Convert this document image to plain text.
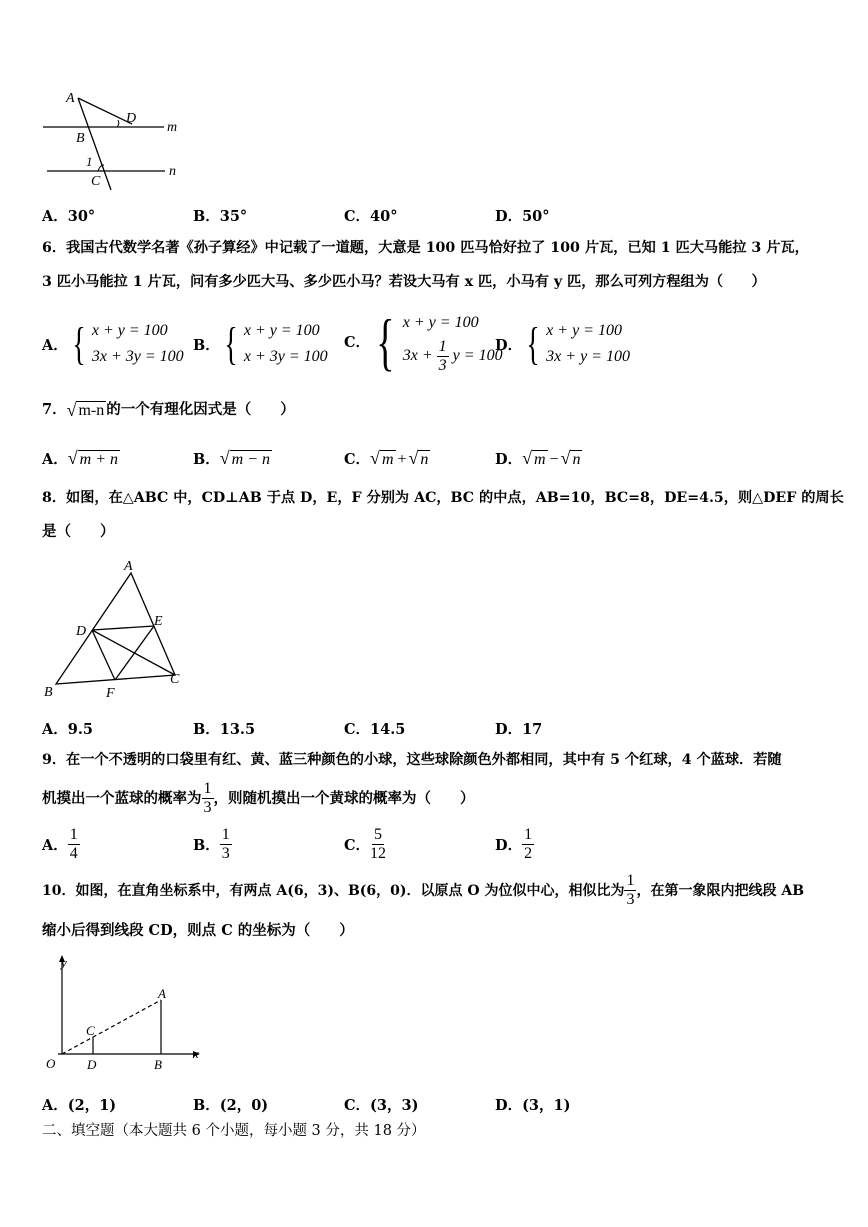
A
D
m
B
1
C
n
A．30°	B．35°	C．40°	D．50°
6．我国古代数学名著《孙子算经》中记载了一道题，大意是 100 匹马恰好拉了 100 片瓦，已知 1 匹大马能拉 3 片瓦，
3 匹小马能拉 1 片瓦，问有多少匹大马、多少匹小马？若设大马有 x 匹，小马有 y 匹，那么可列方程组为（　　）
A． { x + y = 100
3x + 3y = 100
B． { x + y = 100
x + 3y = 100
C． { x + y = 100
$3x + \frac{1}{3}$ y = 100
D． { x + y = 100
3x + y = 100
7． √ m-n 的一个有理化因式是（　　）
A． √ m + n	B． √ m − n	C． √ m + √ n	D． √ m − √ n
8．如图，在△ABC 中，CD⊥AB 于点 D，E，F 分别为 AC，BC 的中点，AB=10，BC=8，DE=4.5，则△DEF 的周长
是（　　）
A
D
E
B	F
C
A．9.5	B．13.5	C．14.5	D．17
9．在一个不透明的口袋里有红、黄、蓝三种颜色的小球，这些球除颜色外都相同，其中有 5 个红球，4 个蓝球．若随
机摸出一个蓝球的概率为 $\frac{1}{3}$ ，则随机摸出一个黄球的概率为（　　）
A． $\frac{1}{4}$	B． $\frac{1}{3}$	C． $\frac{5}{12}$	D． $\frac{1}{2}$
10．如图，在直角坐标系中，有两点 A(6，3)、B(6，0)．以原点 O 为位似中心，相似比为 $\frac{1}{3}$ ，在第一象限内把线段 AB
缩小后得到线段 CD，则点 C 的坐标为（　　）
y
x
O
A
B
C
D
A．(2，1)	B．(2，0)	C．(3，3)	D．(3，1)
二、填空题（本大题共 6 个小题，每小题 3 分，共 18 分）
